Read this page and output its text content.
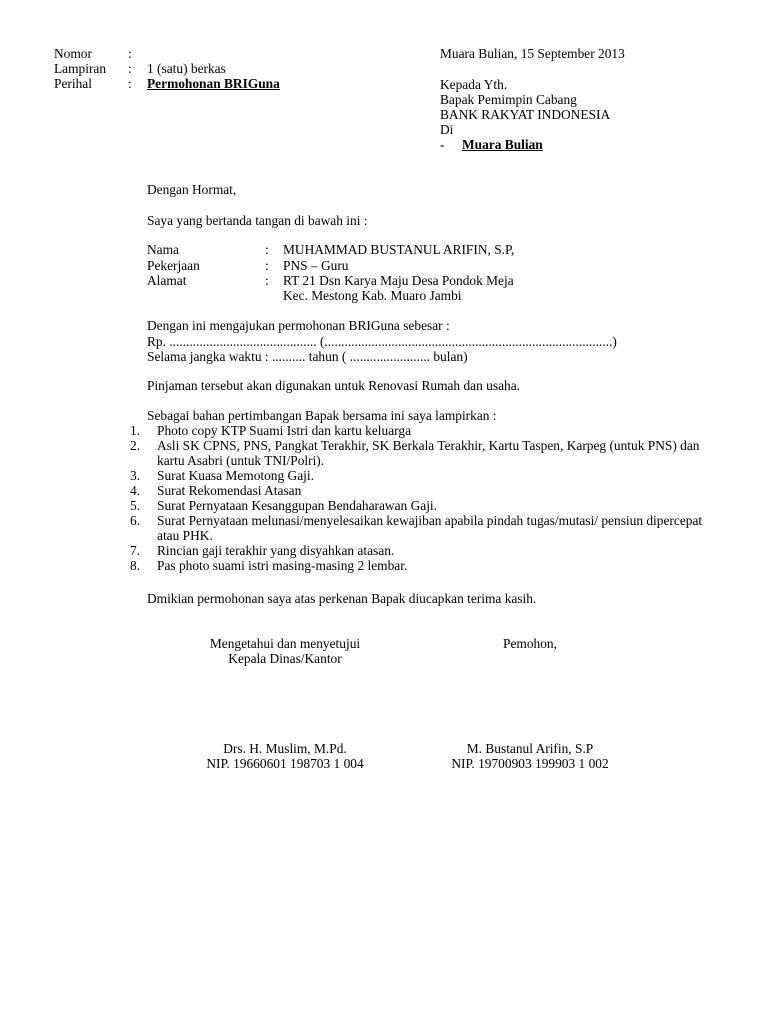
Nomor	:
Lampiran : 1 (satu) berkas
Perihal	: Permohonan BRIGuna
Muara Bulian, 15 September 2013
Kepada Yth.
Bapak Pemimpin Cabang
BANK RAKYAT INDONESIA
Di
- Muara Bulian
Dengan Hormat,
Saya yang bertanda tangan di bawah ini :
Nama	: MUHAMMAD BUSTANUL ARIFIN, S.P,
Pekerjaan	: PNS – Guru
Alamat	: RT 21 Dsn Karya Maju Desa Pondok Meja
Kec. Mestong Kab. Muaro Jambi
Dengan ini mengajukan permohonan BRIGuna sebesar :
Rp. ............................................ (......................................................................................)
Selama jangka waktu : .......... tahun ( ........................ bulan)
Pinjaman tersebut akan digunakan untuk Renovasi Rumah dan usaha.
Sebagai bahan pertimbangan Bapak bersama ini saya lampirkan :
1. Photo copy KTP Suami Istri dan kartu keluarga
2. Asli SK CPNS, PNS, Pangkat Terakhir, SK Berkala Terakhir, Kartu Taspen, Karpeg (untuk PNS) dan kartu Asabri (untuk TNI/Polri).
3. Surat Kuasa Memotong Gaji.
4. Surat Rekomendasi Atasan
5. Surat Pernyataan Kesanggupan Bendaharawan Gaji.
6. Surat Pernyataan melunasi/menyelesaikan kewajiban apabila pindah tugas/mutasi/ pensiun dipercepat atau PHK.
7. Rincian gaji terakhir yang disyahkan atasan.
8. Pas photo suami istri masing-masing 2 lembar.
Dmikian permohonan saya atas perkenan Bapak diucapkan terima kasih.
Mengetahui dan menyetujui
Kepala Dinas/Kantor
Pemohon,
Drs. H. Muslim, M.Pd.
NIP. 19660601 198703 1 004
M. Bustanul Arifin, S.P
NIP. 19700903 199903 1 002
